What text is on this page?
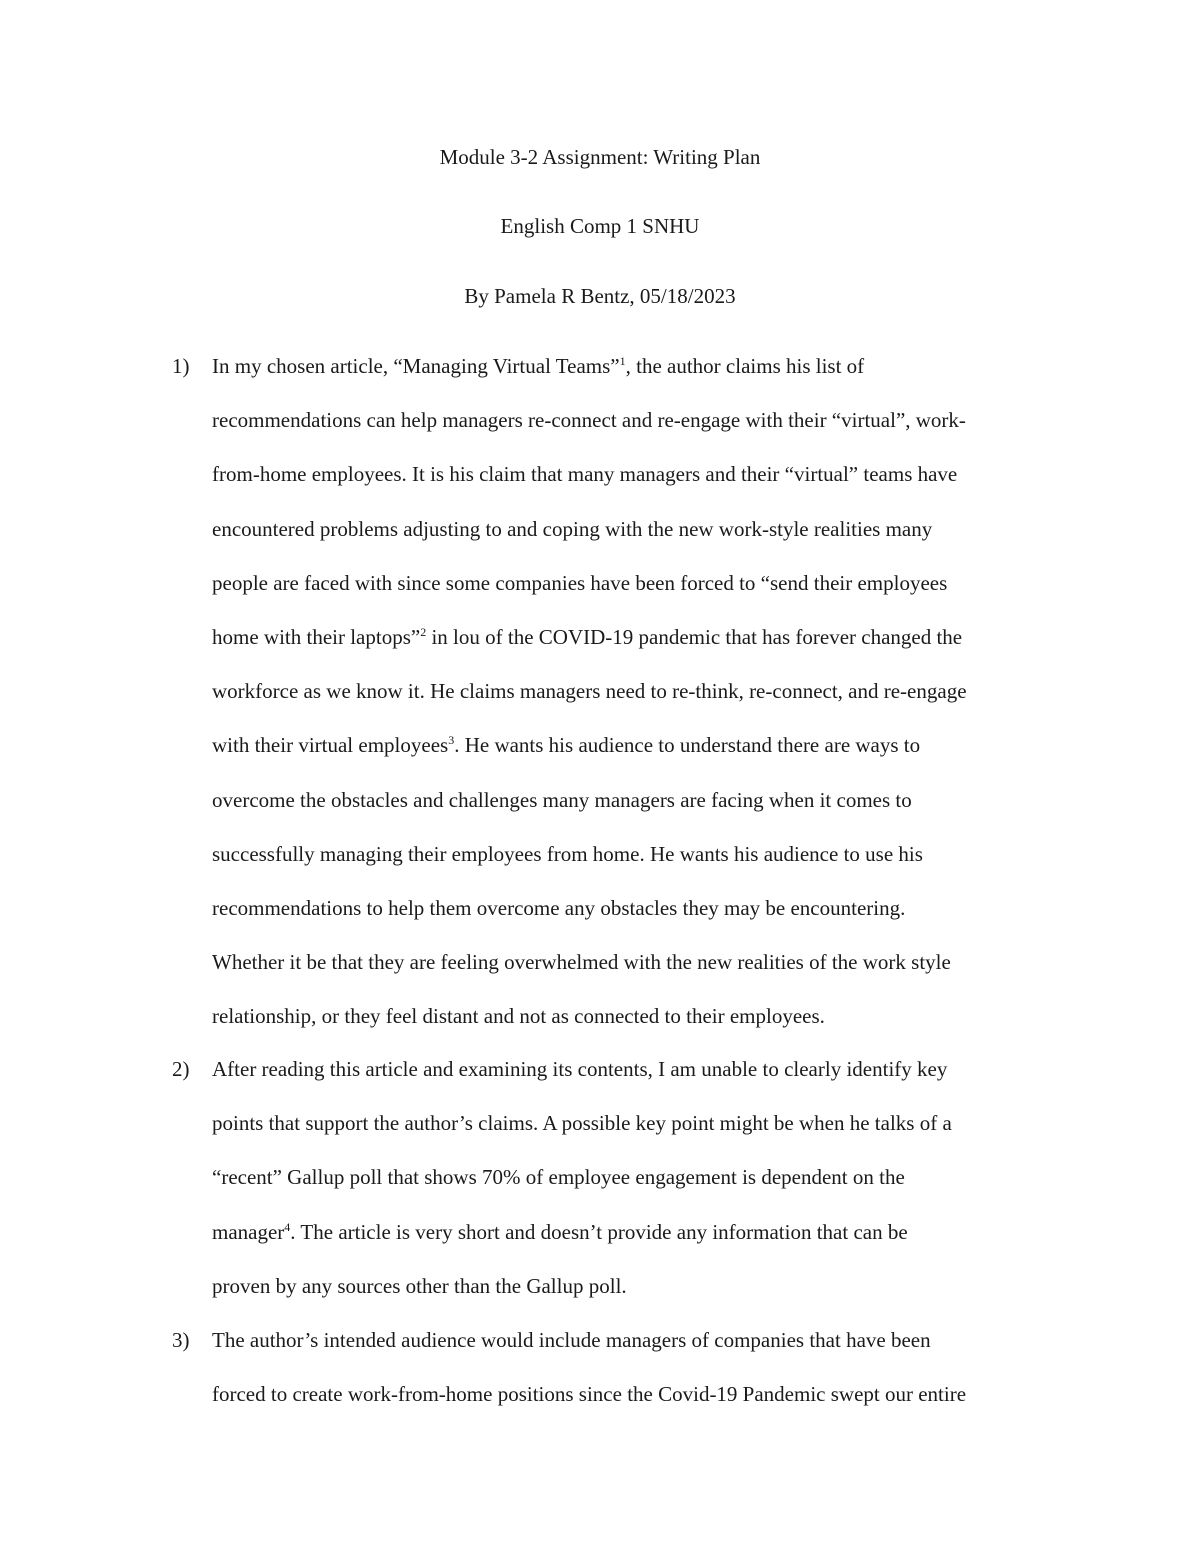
Module 3-2 Assignment: Writing Plan
English Comp 1 SNHU
By Pamela R Bentz, 05/18/2023
1)	In my chosen article, “Managing Virtual Teams”$^1$, the author claims his list of
recommendations can help managers re-connect and re-engage with their “virtual”, work-
from-home employees. It is his claim that many managers and their “virtual” teams have
encountered problems adjusting to and coping with the new work-style realities many
people are faced with since some companies have been forced to “send their employees
home with their laptops”$^2$ in lou of the COVID-19 pandemic that has forever changed the
workforce as we know it. He claims managers need to re-think, re-connect, and re-engage
with their virtual employees$^3$. He wants his audience to understand there are ways to
overcome the obstacles and challenges many managers are facing when it comes to
successfully managing their employees from home. He wants his audience to use his
recommendations to help them overcome any obstacles they may be encountering.
Whether it be that they are feeling overwhelmed with the new realities of the work style
relationship, or they feel distant and not as connected to their employees.
2)	After reading this article and examining its contents, I am unable to clearly identify key
points that support the author’s claims. A possible key point might be when he talks of a
“recent” Gallup poll that shows 70% of employee engagement is dependent on the
manager$^4$. The article is very short and doesn’t provide any information that can be
proven by any sources other than the Gallup poll.
3)	The author’s intended audience would include managers of companies that have been
forced to create work-from-home positions since the Covid-19 Pandemic swept our entire
